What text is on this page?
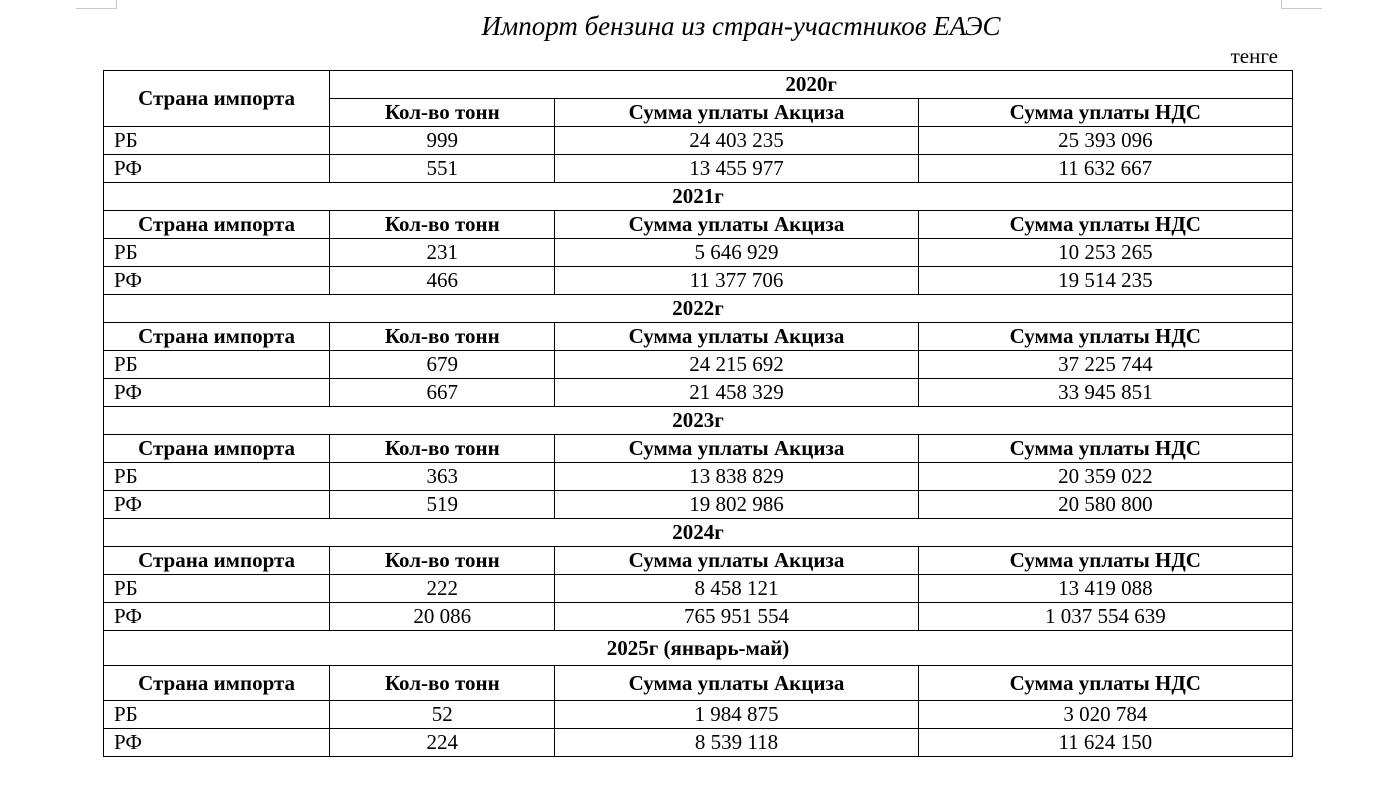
Импорт бензина из стран-участников ЕАЭС
тенге
Страна импорта	2020г		
	Кол-во тонн	Сумма уплаты Акциза	Сумма уплаты НДС
РБ	999	24 403 235	25 393 096
РФ	551	13 455 977	11 632 667
2021г			
Страна импорта	Кол-во тонн	Сумма уплаты Акциза	Сумма уплаты НДС
РБ	231	5 646 929	10 253 265
РФ	466	11 377 706	19 514 235
2022г			
Страна импорта	Кол-во тонн	Сумма уплаты Акциза	Сумма уплаты НДС
РБ	679	24 215 692	37 225 744
РФ	667	21 458 329	33 945 851
2023г			
Страна импорта	Кол-во тонн	Сумма уплаты Акциза	Сумма уплаты НДС
РБ	363	13 838 829	20 359 022
РФ	519	19 802 986	20 580 800
2024г			
Страна импорта	Кол-во тонн	Сумма уплаты Акциза	Сумма уплаты НДС
РБ	222	8 458 121	13 419 088
РФ	20 086	765 951 554	1 037 554 639
2025г (январь-май)			
Страна импорта	Кол-во тонн	Сумма уплаты Акциза	Сумма уплаты НДС
РБ	52	1 984 875	3 020 784
РФ	224	8 539 118	11 624 150
